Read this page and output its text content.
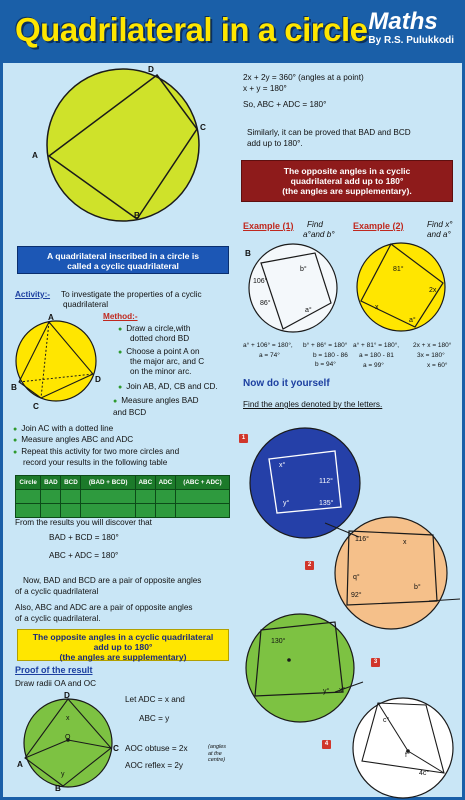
Quadrilateral in a circle Maths
By R.S. Pulukkodi
D
C
A
B
2x + 2y = 360° (angles at a point)
x + y = 180°
So, ABC + ADC = 180°
Similarly, it can be proved that BAD and BCD
add up to 180°.
The opposite angles in a cyclic
quadrilateral add up to 180°
(the angles are supplementary).
Example (1) Find
a°and b°
Example (2)	Find x°
and a°
B
106°
86°
b°
a°
81°
2x
x
a°
a° + 106° = 180°,
a = 74°
b° + 86° = 180°
b = 180 - 86
b = 94°
a° + 81° = 180°,
a = 180 - 81
a = 99°
2x + x = 180°
3x = 180°
x = 60°
A quadrilateral inscribed in a circle is
called a cyclic quadrilateral
Activity:- To investigate the properties of a cyclic
quadrilateral
Method:-
A
B
C
D
● Draw a circle,with
dotted chord BD
● Choose a point A on
the major arc, and C
on the minor arc.
● Join AB, AD, CB and CD.
● Measure angles BAD
and BCD
● Join AC with a dotted line
● Measure angles ABC and ADC
● Repeat this activity for two more circles and
record your results in the following table
Circle	BAD	BCD	(BAD + BCD)	ABC	ADC	(ABC + ADC)

From the results you will discover that
BAD + BCD = 180°
ABC + ADC = 180°
Now, BAD and BCD are a pair of opposite angles
of a cyclic quadrilateral
Also, ABC and ADC are a pair of opposite angles
of a cyclic quadrilateral.
The opposite angles in a cyclic quadrilateral
add up to 180°
(the angles are supplementary)
Proof of the result
Draw radii OA and OC
D
x
O
A
C
y
B
Let ADC = x and
ABC = y
AOC obtuse = 2x
AOC reflex = 2y
(angles
at the
centre)
Now do it yourself
Find the angles denoted by the letters.
1
x°
112°
y°	135°
2
116°	x
q°
b°
92°
3
130°
y° x°
4
c°
f°
4c°
